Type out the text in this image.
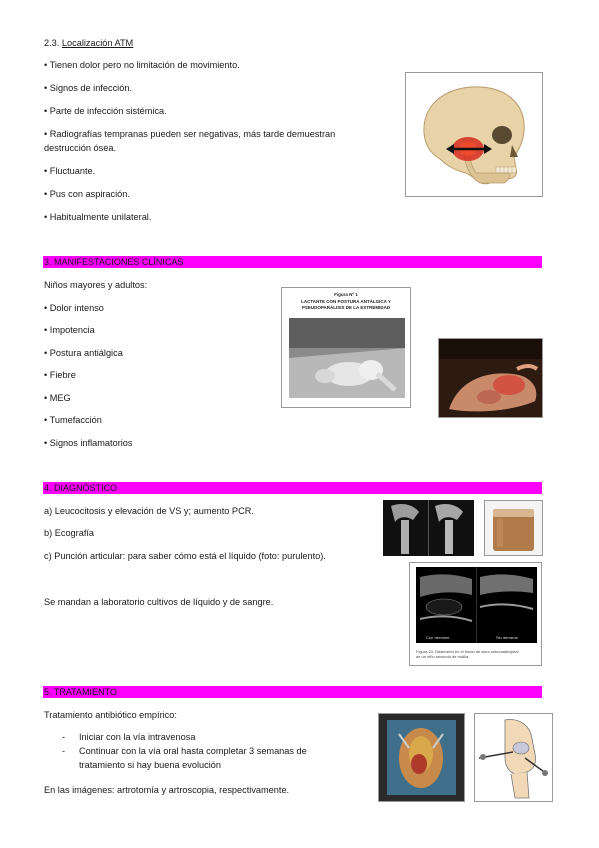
2.3. Localización ATM
• Tienen dolor pero no limitación de movimiento.
• Signos de infección.
• Parte de infección sistémica.
• Radiografías tempranas pueden ser negativas, más tarde demuestran
destrucción ósea.
• Fluctuante.
• Pus con aspiración.
• Habitualmente unilateral.
3. MANIFESTACIONES CLÍNICAS
Niños mayores y adultos:
• Dolor intenso
• Impotencia
• Postura antiálgica
• Fiebre
• MEG
• Tumefacción
• Signos inflamatorios
Figura Nº 1
LACTANTE CON POSTURA ANTÁLGICA Y
PSEUDOPARÁLISIS DE LA EXTREMIDAD
4. DIAGNÓSTICO
a) Leucocitosis y elevación de VS y; aumento PCR.
b) Ecografía
c) Punción articular: para saber cómo está el líquido (foto: purulento).
Se mandan a laboratorio cultivos de líquido y de sangre.
Con derrame	Sin derrame
Figura 24. Distensión en el fondo de saco subcuadricipital
de un niño secundo de rodilla.
5. TRATAMIENTO
Tratamiento antibiótico empírico:
- Iniciar con la vía intravenosa
- Continuar con la vía oral hasta completar 3 semanas de
tratamiento si hay buena evolución
En las imágenes: artrotomía y artroscopia, respectivamente.
